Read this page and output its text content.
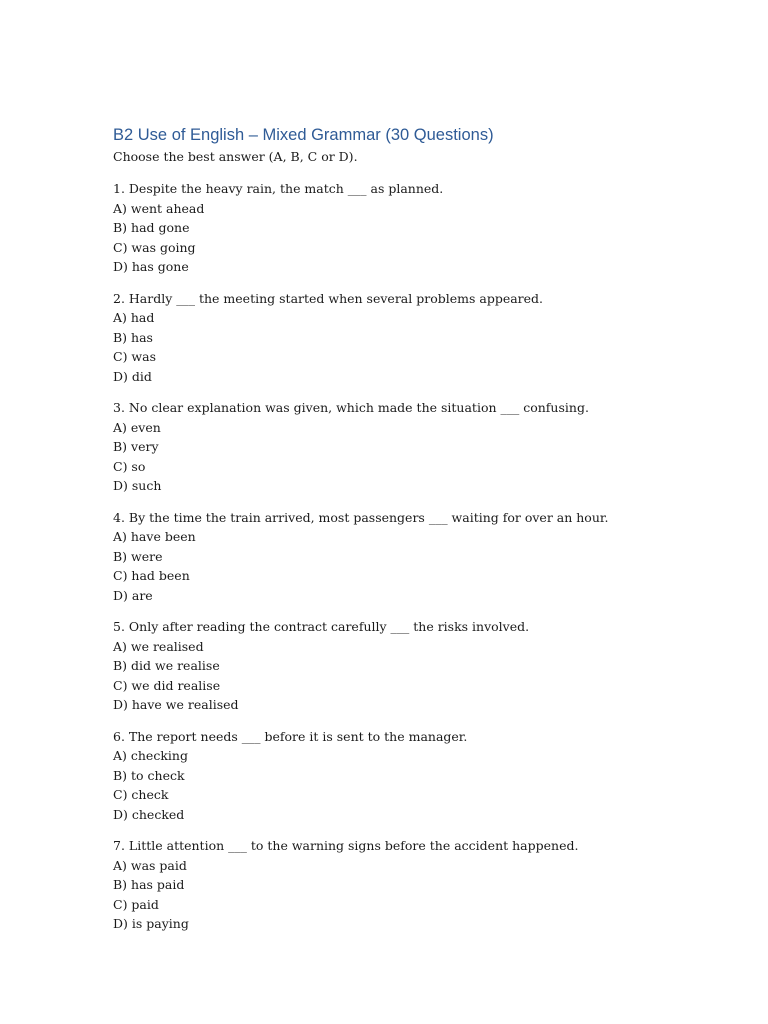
B2 Use of English – Mixed Grammar (30 Questions)
Choose the best answer (A, B, C or D).
1. Despite the heavy rain, the match ___ as planned.
A) went ahead
B) had gone
C) was going
D) has gone
2. Hardly ___ the meeting started when several problems appeared.
A) had
B) has
C) was
D) did
3. No clear explanation was given, which made the situation ___ confusing.
A) even
B) very
C) so
D) such
4. By the time the train arrived, most passengers ___ waiting for over an hour.
A) have been
B) were
C) had been
D) are
5. Only after reading the contract carefully ___ the risks involved.
A) we realised
B) did we realise
C) we did realise
D) have we realised
6. The report needs ___ before it is sent to the manager.
A) checking
B) to check
C) check
D) checked
7. Little attention ___ to the warning signs before the accident happened.
A) was paid
B) has paid
C) paid
D) is paying
